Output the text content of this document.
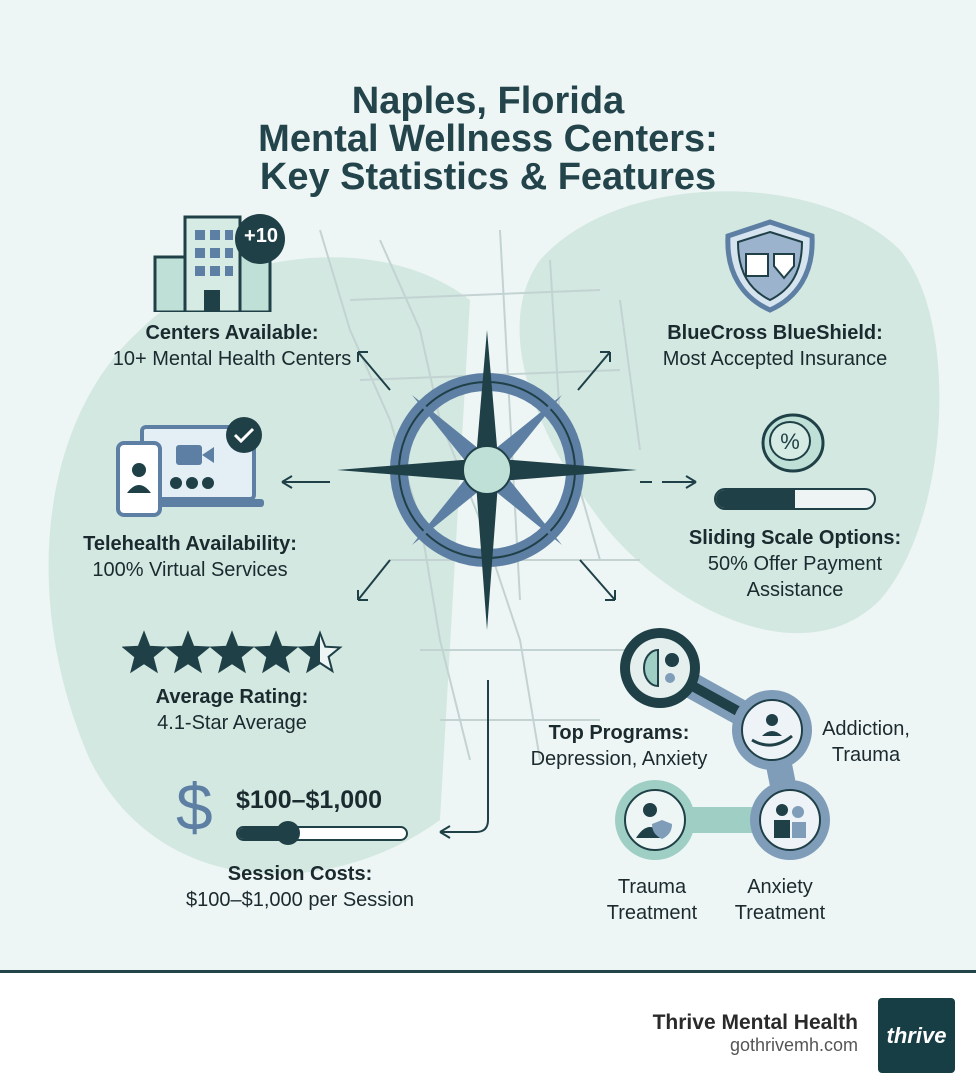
Naples, Florida
Mental Wellness Centers:
Key Statistics & Features
+10
Centers Available:
10+ Mental Health Centers
BlueCross BlueShield:
Most Accepted Insurance
Telehealth Availability:
100% Virtual Services
%
Sliding Scale Options:
50% Offer Payment
Assistance
Average Rating:
4.1-Star Average
$ $100–$1,000
Session Costs:
$100–$1,000 per Session
Top Programs:
Depression, Anxiety
Addiction,
Trauma
Trauma
Treatment
Anxiety
Treatment
Thrive Mental Health
gothrivemh.com	thrive
